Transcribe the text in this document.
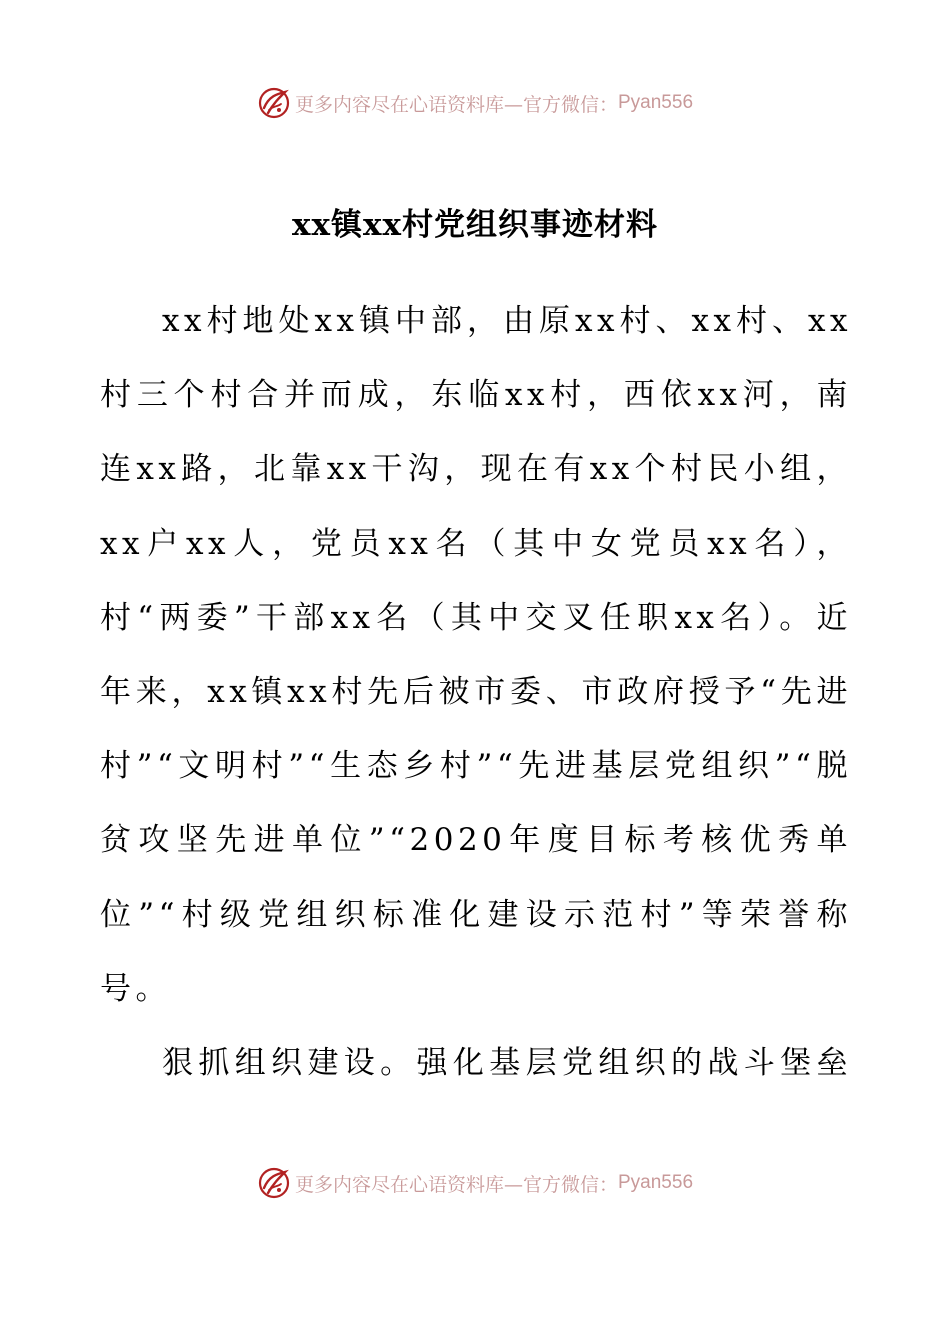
更多内容尽在心语资料库—官方微信： Pyan556
xx镇xx村党组织事迹材料

xx村地处xx镇中部，由原xx村、xx村、xx村三个村合并而成，东临xx村，西依xx河，南连xx路，北靠xx干沟，现在有xx个村民小组，xx户xx人，党员xx名（其中女党员xx名），村“两委”干部xx名（其中交叉任职xx名）。近年来，xx镇xx村先后被市委、市政府授予“先进村”“文明村”“生态乡村”“先进基层党组织”“脱贫攻坚先进单位”“2020年度目标考核优秀单位”“村级党组织标准化建设示范村”等荣誉称号。

狠抓组织建设。强化基层党组织的战斗堡垒

更多内容尽在心语资料库—官方微信： Pyan556
